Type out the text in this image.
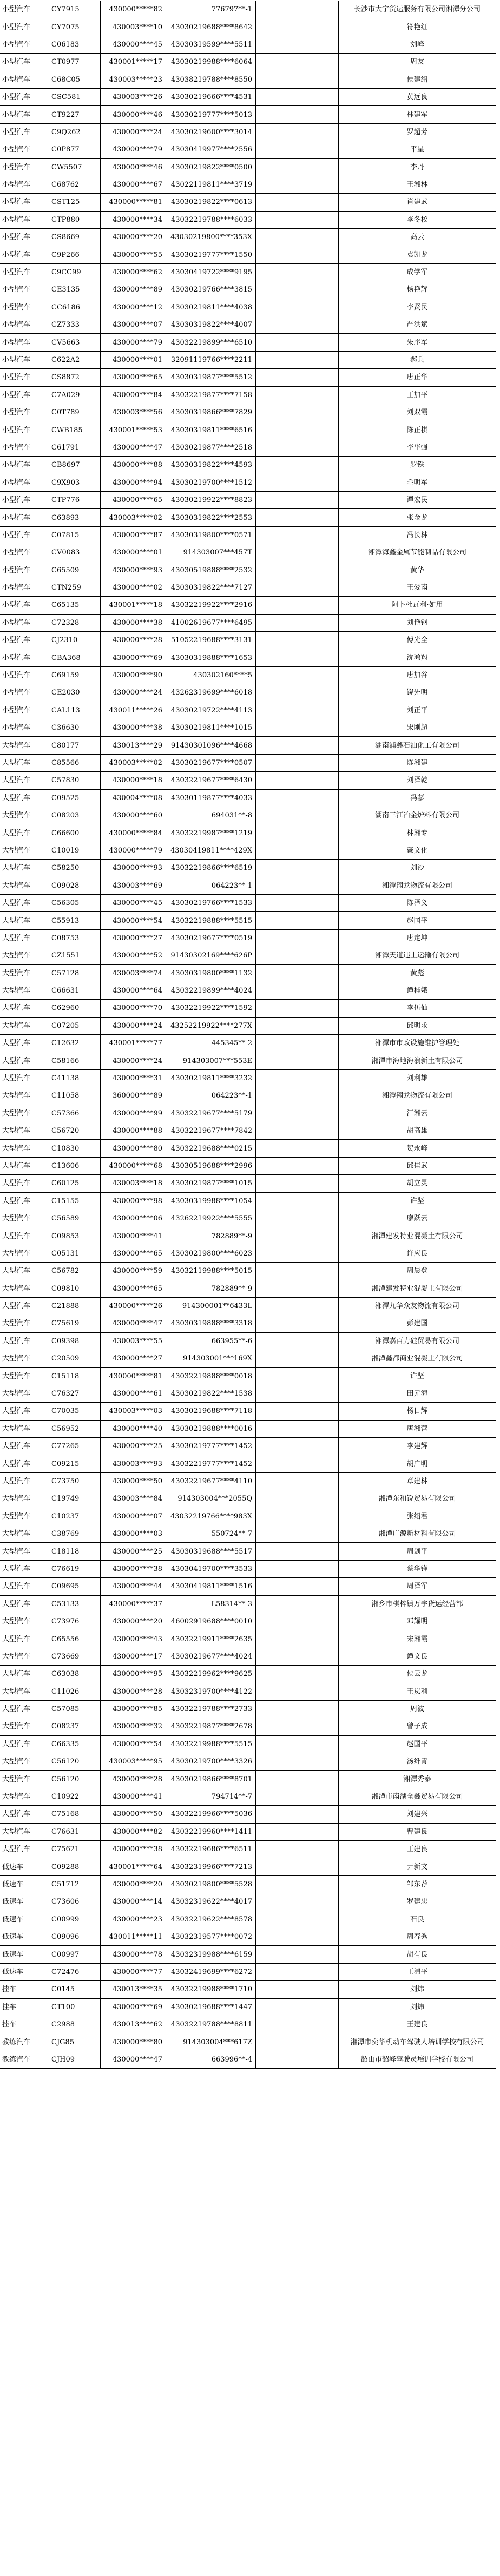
小型汽车	CY7915	430000*****82	776797**-1		长沙市大宇货运服务有限公司湘潭分公司
小型汽车	CY7075	430003****10	43030219688****8642		符艳红
小型汽车	C06183	430000****45	43030319599****5511		刘峰
小型汽车	CT0977	430001*****17	43030219988****6064		周友
小型汽车	C68C05	430003*****23	43038219788****8550		侯建绍
小型汽车	CSC581	430003****26	43030219666****4531		黄远良
小型汽车	CT9227	430000****46	43030219777****5013		林建军
小型汽车	C9Q262	430000****24	43030219600****3014		罗超芳
小型汽车	C0P877	430000****79	43030419977****2556		平星
小型汽车	CW5507	430000****46	43030219822****0500		李丹
小型汽车	C68762	430000****67	43022119811****3719		王湘林
小型汽车	CST125	430000*****81	43030219822****0613		肖建武
小型汽车	CTP880	430000****34	43032219788****6033		李冬校
小型汽车	CS8669	430000****20	43030219800****353X		高云
小型汽车	C9P266	430000****55	43030219777****1550		袁凯龙
小型汽车	C9CC99	430000****62	43030419722****9195		成学军
小型汽车	CE3135	430000****89	43030219766****3815		杨艳辉
小型汽车	CC6186	430000****12	43030219811****4038		李贤民
小型汽车	CZ7333	430000****07	43030319822****4007		严洪斌
小型汽车	CV5663	430000****79	43032219899****6510		朱序军
小型汽车	C622A2	430000****01	32091119766****2211		郝兵
小型汽车	CS8872	430000****65	43030319877****5512		唐正华
小型汽车	C7A029	430000****84	43032219877****7158		王加平
小型汽车	C0T789	430003****56	43030319866****7829		刘双霞
小型汽车	CWB185	430001*****53	43030319811****6516		陈正棋
小型汽车	C61791	430000****47	43030219877****2518		李华强
小型汽车	CB8697	430000****88	43030319822****4593		罗铁
小型汽车	C9X903	430000****94	43030219700****1512		毛明军
小型汽车	CTP776	430000****65	43030219922****8823		谭宏民
小型汽车	C63893	430003*****02	43030319822****2553		张金龙
小型汽车	C07815	430000****87	43030319800****0571		冯长林
小型汽车	CV0083	430000****01	914303007***457T		湘潭海鑫金属节能制品有限公司
小型汽车	C65509	430000****93	43030519888****2532		黄华
小型汽车	CTN259	430000****02	43030319822****7127		王爱南
小型汽车	C65135	430001*****18	43032219922****2916		阿卜杜瓦利·如用
小型汽车	C72328	430000****38	41002619677****6495		刘艳钢
小型汽车	CJ2310	430000****28	51052219688****3131		傅光全
小型汽车	CBA368	430000****69	43030319888****1653		沈鸿翔
小型汽车	C69159	430000****90	430302160****5		唐加谷
小型汽车	CE2030	430000****24	43262319699****6018		饶先明
小型汽车	CAL113	430011*****26	43030219722****4113		刘正平
小型汽车	C36630	430000****38	43030219811****1015		宋刚超
大型汽车	C80177	430013****29	91430301096****4668		湖南浦鑫石油化工有限公司
大型汽车	C85566	430003*****02	43030219677****0507		陈湘建
大型汽车	C57830	430000****18	43032219677****6430		刘泽乾
大型汽车	C09525	430004****08	43030119877****4033		冯蓼
大型汽车	C08203	430000****60	694031**-8		湖南三江冶金炉料有限公司
大型汽车	C66600	430000*****84	43032219987****1219		林湘专
大型汽车	C10019	430000*****79	43030419811****429X		戴文化
大型汽车	C58250	430000****93	43032219866****6519		刘沙
大型汽车	C09028	430003****69	064223**-1		湘潭翔龙物流有限公司
大型汽车	C56305	430000****45	43030219766****1533		陈泽义
大型汽车	C55913	430000****54	43032219888****5515		赵国平
大型汽车	C08753	430000****27	43030219677****0519		唐定坤
大型汽车	CZ1551	430000****52	91430302169****626P		湘潭天道违土运输有限公司
大型汽车	C57128	430003****74	43030319800****1132		黄彪
大型汽车	C66631	430000****64	43032219899****4024		谭桂娥
大型汽车	C62960	430000****70	43032219922****1592		李伍仙
大型汽车	C07205	430000****24	43252219922****277X		邱明求
大型汽车	C12632	430001*****77	445345**-2		湘潭市市政设施维护管理处
大型汽车	C58166	430000****24	914303007***553E		湘潭市海地海浪新土有限公司
大型汽车	C41138	430000****31	43030219811****3232		刘利雄
大型汽车	C11058	360000****89	064223**-1		湘潭翔龙物流有限公司
大型汽车	C57366	430000****99	43032219677****5179		江湘云
大型汽车	C56720	430000****88	43032219677****7842		胡高雄
大型汽车	C10830	430000****80	43032219688****0215		贺永峰
大型汽车	C13606	430000*****68	43030519688****2996		邱佳武
大型汽车	C60125	430003****18	43030219877****1015		胡立灵
大型汽车	C15155	430000****98	43030319988****1054		许坚
大型汽车	C56589	430000****06	43262219922****5555		廖跃云
大型汽车	C09853	430000****41	782889**-9		湘潭建发特业混凝土有限公司
大型汽车	C05131	430000****65	43030219800****6023		许应良
大型汽车	C56782	430000****59	43032119988****5015		周晨登
大型汽车	C09810	430000****65	782889**-9		湘潭建发特业混凝土有限公司
大型汽车	C21888	430000*****26	914300001**6433L		湘潭九华众友物流有限公司
大型汽车	C75619	430000****47	43030319888****3318		彭建国
大型汽车	C09398	430003****55	663955**-6		湘潭嘉百力硅贸易有限公司
大型汽车	C20509	430000****27	914303001***169X		湘潭鑫都商业混凝土有限公司
大型汽车	C15118	430000*****81	43032219888****0018		许坚
大型汽车	C76327	430000****61	43030219822****1538		田元海
大型汽车	C70035	430003*****03	43030219688****7118		杨日辉
大型汽车	C56952	430000****40	43030219888****0016		唐湘营
大型汽车	C77265	430000****25	43030219777****1452		李建辉
大型汽车	C09215	430003****93	43032219777****1452		胡广明
大型汽车	C73750	430000****50	43032219677****4110		章建林
大型汽车	C19749	430003****84	914303004***2055Q		湘潭东和锐贸易有限公司
大型汽车	C10237	430000****07	43032219766****983X		张绍君
大型汽车	C38769	430000****03	550724**-7		湘潭广源新材料有限公司
大型汽车	C18118	430000****25	43030319688****5517		周剑平
大型汽车	C76619	430000****38	43030419700****3533		蔡华锋
大型汽车	C09695	430000****44	43030419811****1516		周泽军
大型汽车	C53133	430000*****37	L58314**-3		湘乡市棋梓镇万宇货运经营部
大型汽车	C73976	430000****20	46002919688****0010		邓耀明
大型汽车	C65556	430000****43	43032219911****2635		宋湘霞
大型汽车	C73669	430000****17	43030219677****4024		谭文良
大型汽车	C63038	430000****95	43032219962****9625		侯云龙
大型汽车	C11026	430000****28	43032319700****4122		王岚利
大型汽车	C57085	430000****85	43032219788****2733		周波
大型汽车	C08237	430000****32	43032219877****2678		曾子成
大型汽车	C66335	430000****54	43032219988****5515		赵国平
大型汽车	C56120	430003*****95	43030219700****3326		汤纤青
大型汽车	C56120	430000****28	43030219866****8701		湘潭秀泰
大型汽车	C10922	430000****41	794714**-7		湘潭市南湖全鑫贸易有限公司
大型汽车	C75168	430000****50	43032219966****5036		刘建兴
大型汽车	C76631	430000****82	43032219960****1411		曹建良
大型汽车	C75621	430000****38	43032219686****6511		王建良
低速车	C09288	430001*****64	43032319966****7213		尹新文
低速车	C51712	430000****20	43030219800****5528		邹东荐
低速车	C73606	430000****14	43032319622****4017		罗建忠
低速车	C00999	430000****23	43032219622****8578		石良
低速车	C09096	430011*****11	43032319577****0072		周春秀
低速车	C00997	430000****78	43032319988****6159		胡有良
低速车	C72476	430000****77	43032419699****6272		王清平
挂车	C0145	430013****35	43032219988****1710		刘炜
挂车	CT100	430000****69	43030219688****1447		刘炜
挂车	C2988	430013****62	43032219788****8811		王建良
教练汽车	CJG85	430000****80	914303004***617Z		湘潭市奕华机动车驾驶人培训学校有限公司
教练汽车	CJH09	430000****47	663996**-4		韶山市韶峰驾驶员培训学校有限公司
